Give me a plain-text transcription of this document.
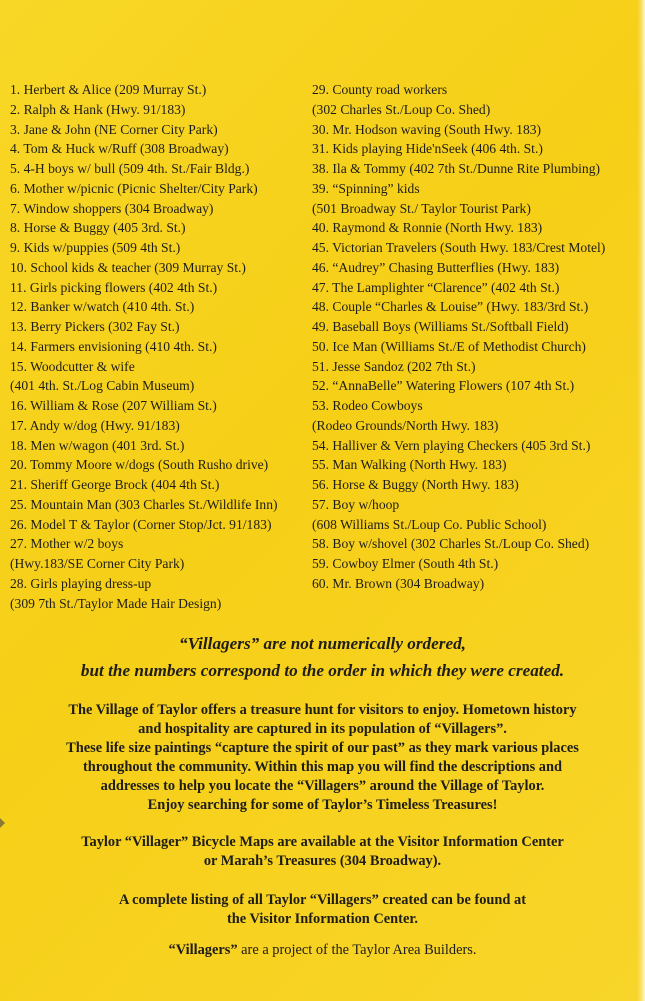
1. Herbert & Alice (209 Murray St.)
2. Ralph & Hank (Hwy. 91/183)
3. Jane & John (NE Corner City Park)
4. Tom & Huck w/Ruff (308 Broadway)
5. 4-H boys w/ bull (509 4th. St./Fair Bldg.)
6. Mother w/picnic (Picnic Shelter/City Park)
7. Window shoppers (304 Broadway)
8. Horse & Buggy (405 3rd. St.)
9. Kids w/puppies (509 4th St.)
10. School kids & teacher (309 Murray St.)
11. Girls picking flowers (402 4th St.)
12. Banker w/watch (410 4th. St.)
13. Berry Pickers (302 Fay St.)
14. Farmers envisioning (410 4th. St.)
15. Woodcutter & wife
(401 4th. St./Log Cabin Museum)
16. William & Rose (207 William St.)
17. Andy w/dog (Hwy. 91/183)
18. Men w/wagon (401 3rd. St.)
20. Tommy Moore w/dogs (South Rusho drive)
21. Sheriff George Brock (404 4th St.)
25. Mountain Man (303 Charles St./Wildlife Inn)
26. Model T & Taylor (Corner Stop/Jct. 91/183)
27. Mother w/2 boys
(Hwy.183/SE Corner City Park)
28. Girls playing dress-up
(309 7th St./Taylor Made Hair Design)
29. County road workers
(302 Charles St./Loup Co. Shed)
30. Mr. Hodson waving (South Hwy. 183)
31. Kids playing Hide'nSeek (406 4th. St.)
38. Ila & Tommy (402 7th St./Dunne Rite Plumbing)
39. “Spinning” kids
(501 Broadway St./ Taylor Tourist Park)
40. Raymond & Ronnie (North Hwy. 183)
45. Victorian Travelers (South Hwy. 183/Crest Motel)
46. “Audrey” Chasing Butterflies (Hwy. 183)
47. The Lamplighter “Clarence” (402 4th St.)
48. Couple “Charles & Louise” (Hwy. 183/3rd St.)
49. Baseball Boys (Williams St./Softball Field)
50. Ice Man (Williams St./E of Methodist Church)
51. Jesse Sandoz (202 7th St.)
52. “AnnaBelle” Watering Flowers (107 4th St.)
53. Rodeo Cowboys
(Rodeo Grounds/North Hwy. 183)
54. Halliver & Vern playing Checkers (405 3rd St.)
55. Man Walking (North Hwy. 183)
56. Horse & Buggy (North Hwy. 183)
57. Boy w/hoop
(608 Williams St./Loup Co. Public School)
58. Boy w/shovel (302 Charles St./Loup Co. Shed)
59. Cowboy Elmer (South 4th St.)
60. Mr. Brown (304 Broadway)

“Villagers” are not numerically ordered,

but the numbers correspond to the order in which they were created.

The Village of Taylor offers a treasure hunt for visitors to enjoy. Hometown history

and hospitality are captured in its population of “Villagers”.

These life size paintings “capture the spirit of our past” as they mark various places

throughout the community. Within this map you will find the descriptions and

addresses to help you locate the “Villagers” around the Village of Taylor.

Enjoy searching for some of Taylor’s Timeless Treasures!

Taylor “Villager” Bicycle Maps are available at the Visitor Information Center

or Marah’s Treasures (304 Broadway).

A complete listing of all Taylor “Villagers” created can be found at

the Visitor Information Center.

“Villagers” are a project of the Taylor Area Builders.
